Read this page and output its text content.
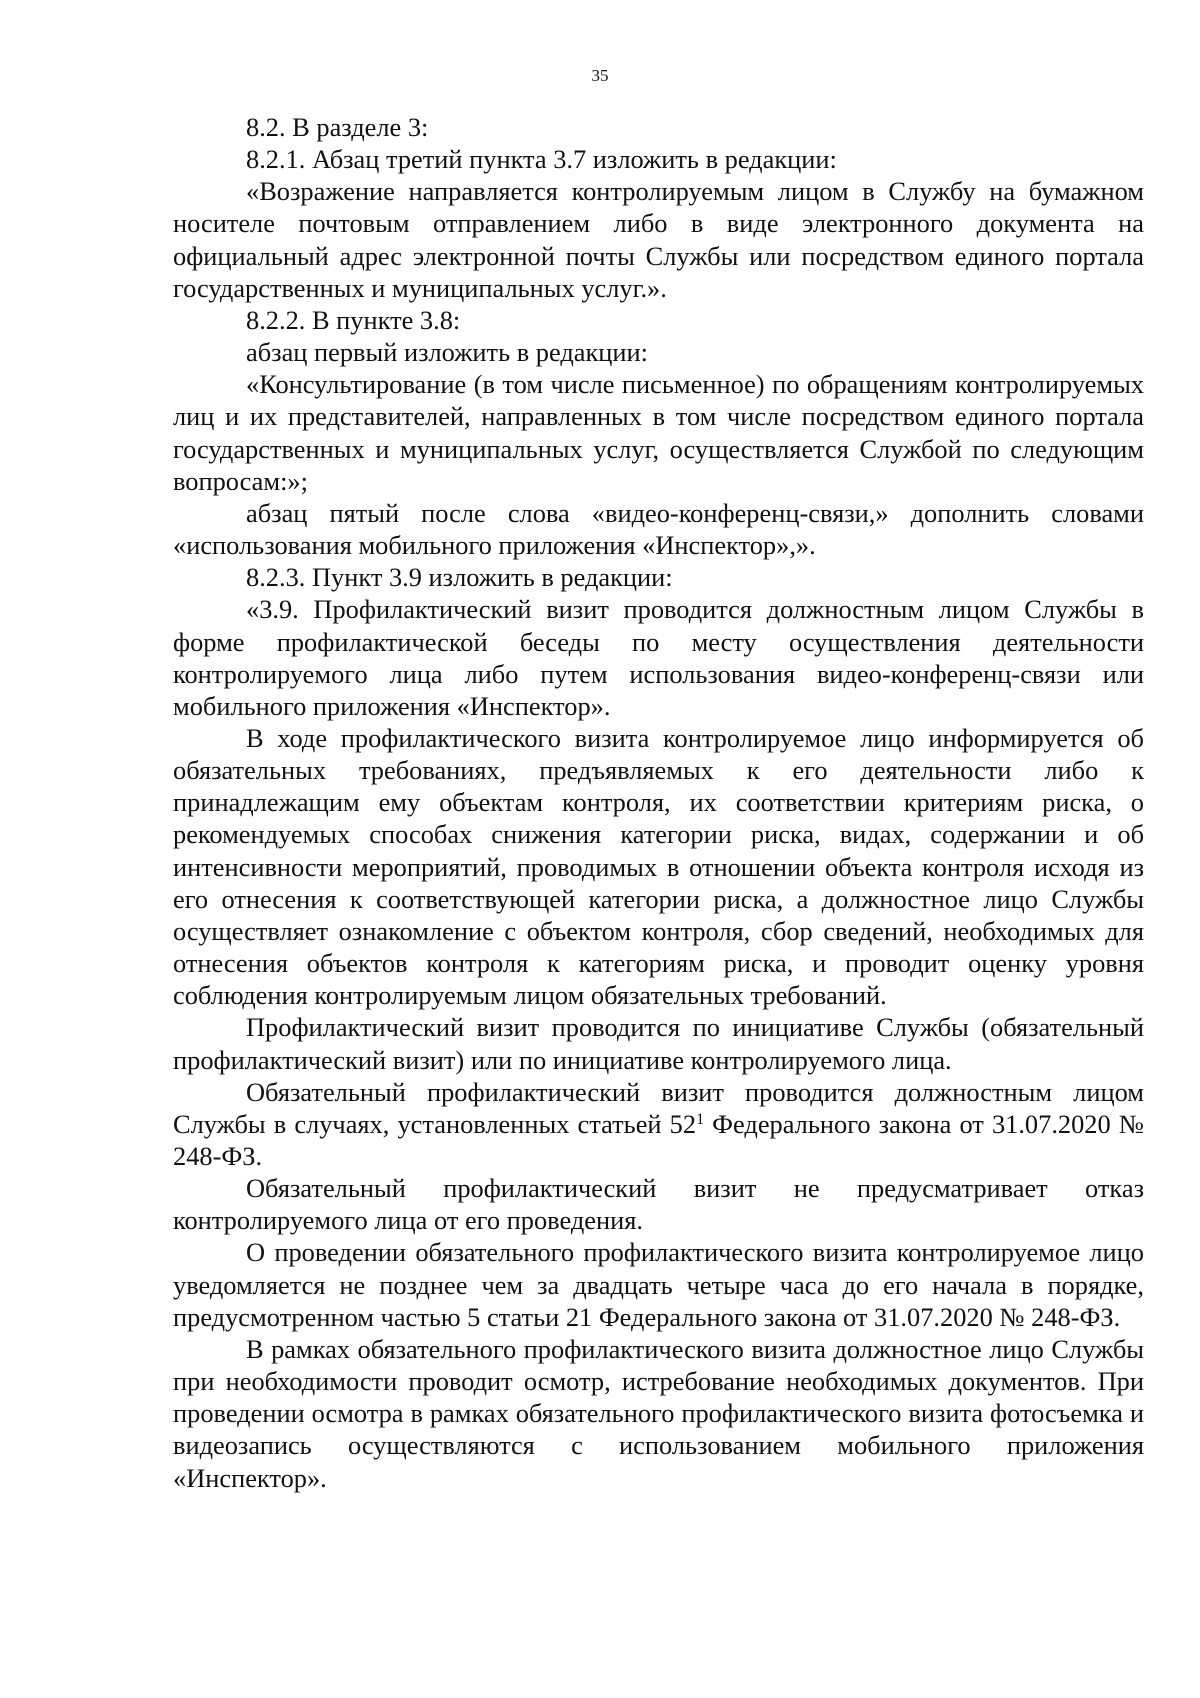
35

8.2. В разделе 3:

8.2.1. Абзац третий пункта 3.7 изложить в редакции:

«Возражение направляется контролируемым лицом в Службу на бумажном носителе почтовым отправлением либо в виде электронного документа на официальный адрес электронной почты Службы или посредством единого портала государственных и муниципальных услуг.».

8.2.2. В пункте 3.8:

абзац первый изложить в редакции:

«Консультирование (в том числе письменное) по обращениям контролируемых лиц и их представителей, направленных в том числе посредством единого портала государственных и муниципальных услуг, осуществляется Службой по следующим вопросам:»;

абзац пятый после слова «видео-конференц-связи,» дополнить словами «использования мобильного приложения «Инспектор»,».

8.2.3. Пункт 3.9 изложить в редакции:

«3.9. Профилактический визит проводится должностным лицом Службы в форме профилактической беседы по месту осуществления деятельности контролируемого лица либо путем использования видео-конференц-связи или мобильного приложения «Инспектор».

В ходе профилактического визита контролируемое лицо информируется об обязательных требованиях, предъявляемых к его деятельности либо к принадлежащим ему объектам контроля, их соответствии критериям риска, о рекомендуемых способах снижения категории риска, видах, содержании и об интенсивности мероприятий, проводимых в отношении объекта контроля исходя из его отнесения к соответствующей категории риска, а должностное лицо Службы осуществляет ознакомление с объектом контроля, сбор сведений, необходимых для отнесения объектов контроля к категориям риска, и проводит оценку уровня соблюдения контролируемым лицом обязательных требований.

Профилактический визит проводится по инициативе Службы (обязательный профилактический визит) или по инициативе контролируемого лица.

Обязательный профилактический визит проводится должностным лицом Службы в случаях, установленных статьей $52^1$ Федерального закона от 31.07.2020 № 248-ФЗ.

Обязательный профилактический визит не предусматривает отказ контролируемого лица от его проведения.

О проведении обязательного профилактического визита контролируемое лицо уведомляется не позднее чем за двадцать четыре часа до его начала в порядке, предусмотренном частью 5 статьи 21 Федерального закона от 31.07.2020 № 248-ФЗ.

В рамках обязательного профилактического визита должностное лицо Службы при необходимости проводит осмотр, истребование необходимых документов. При проведении осмотра в рамках обязательного профилактического визита фотосъемка и видеозапись осуществляются с использованием мобильного приложения «Инспектор».
